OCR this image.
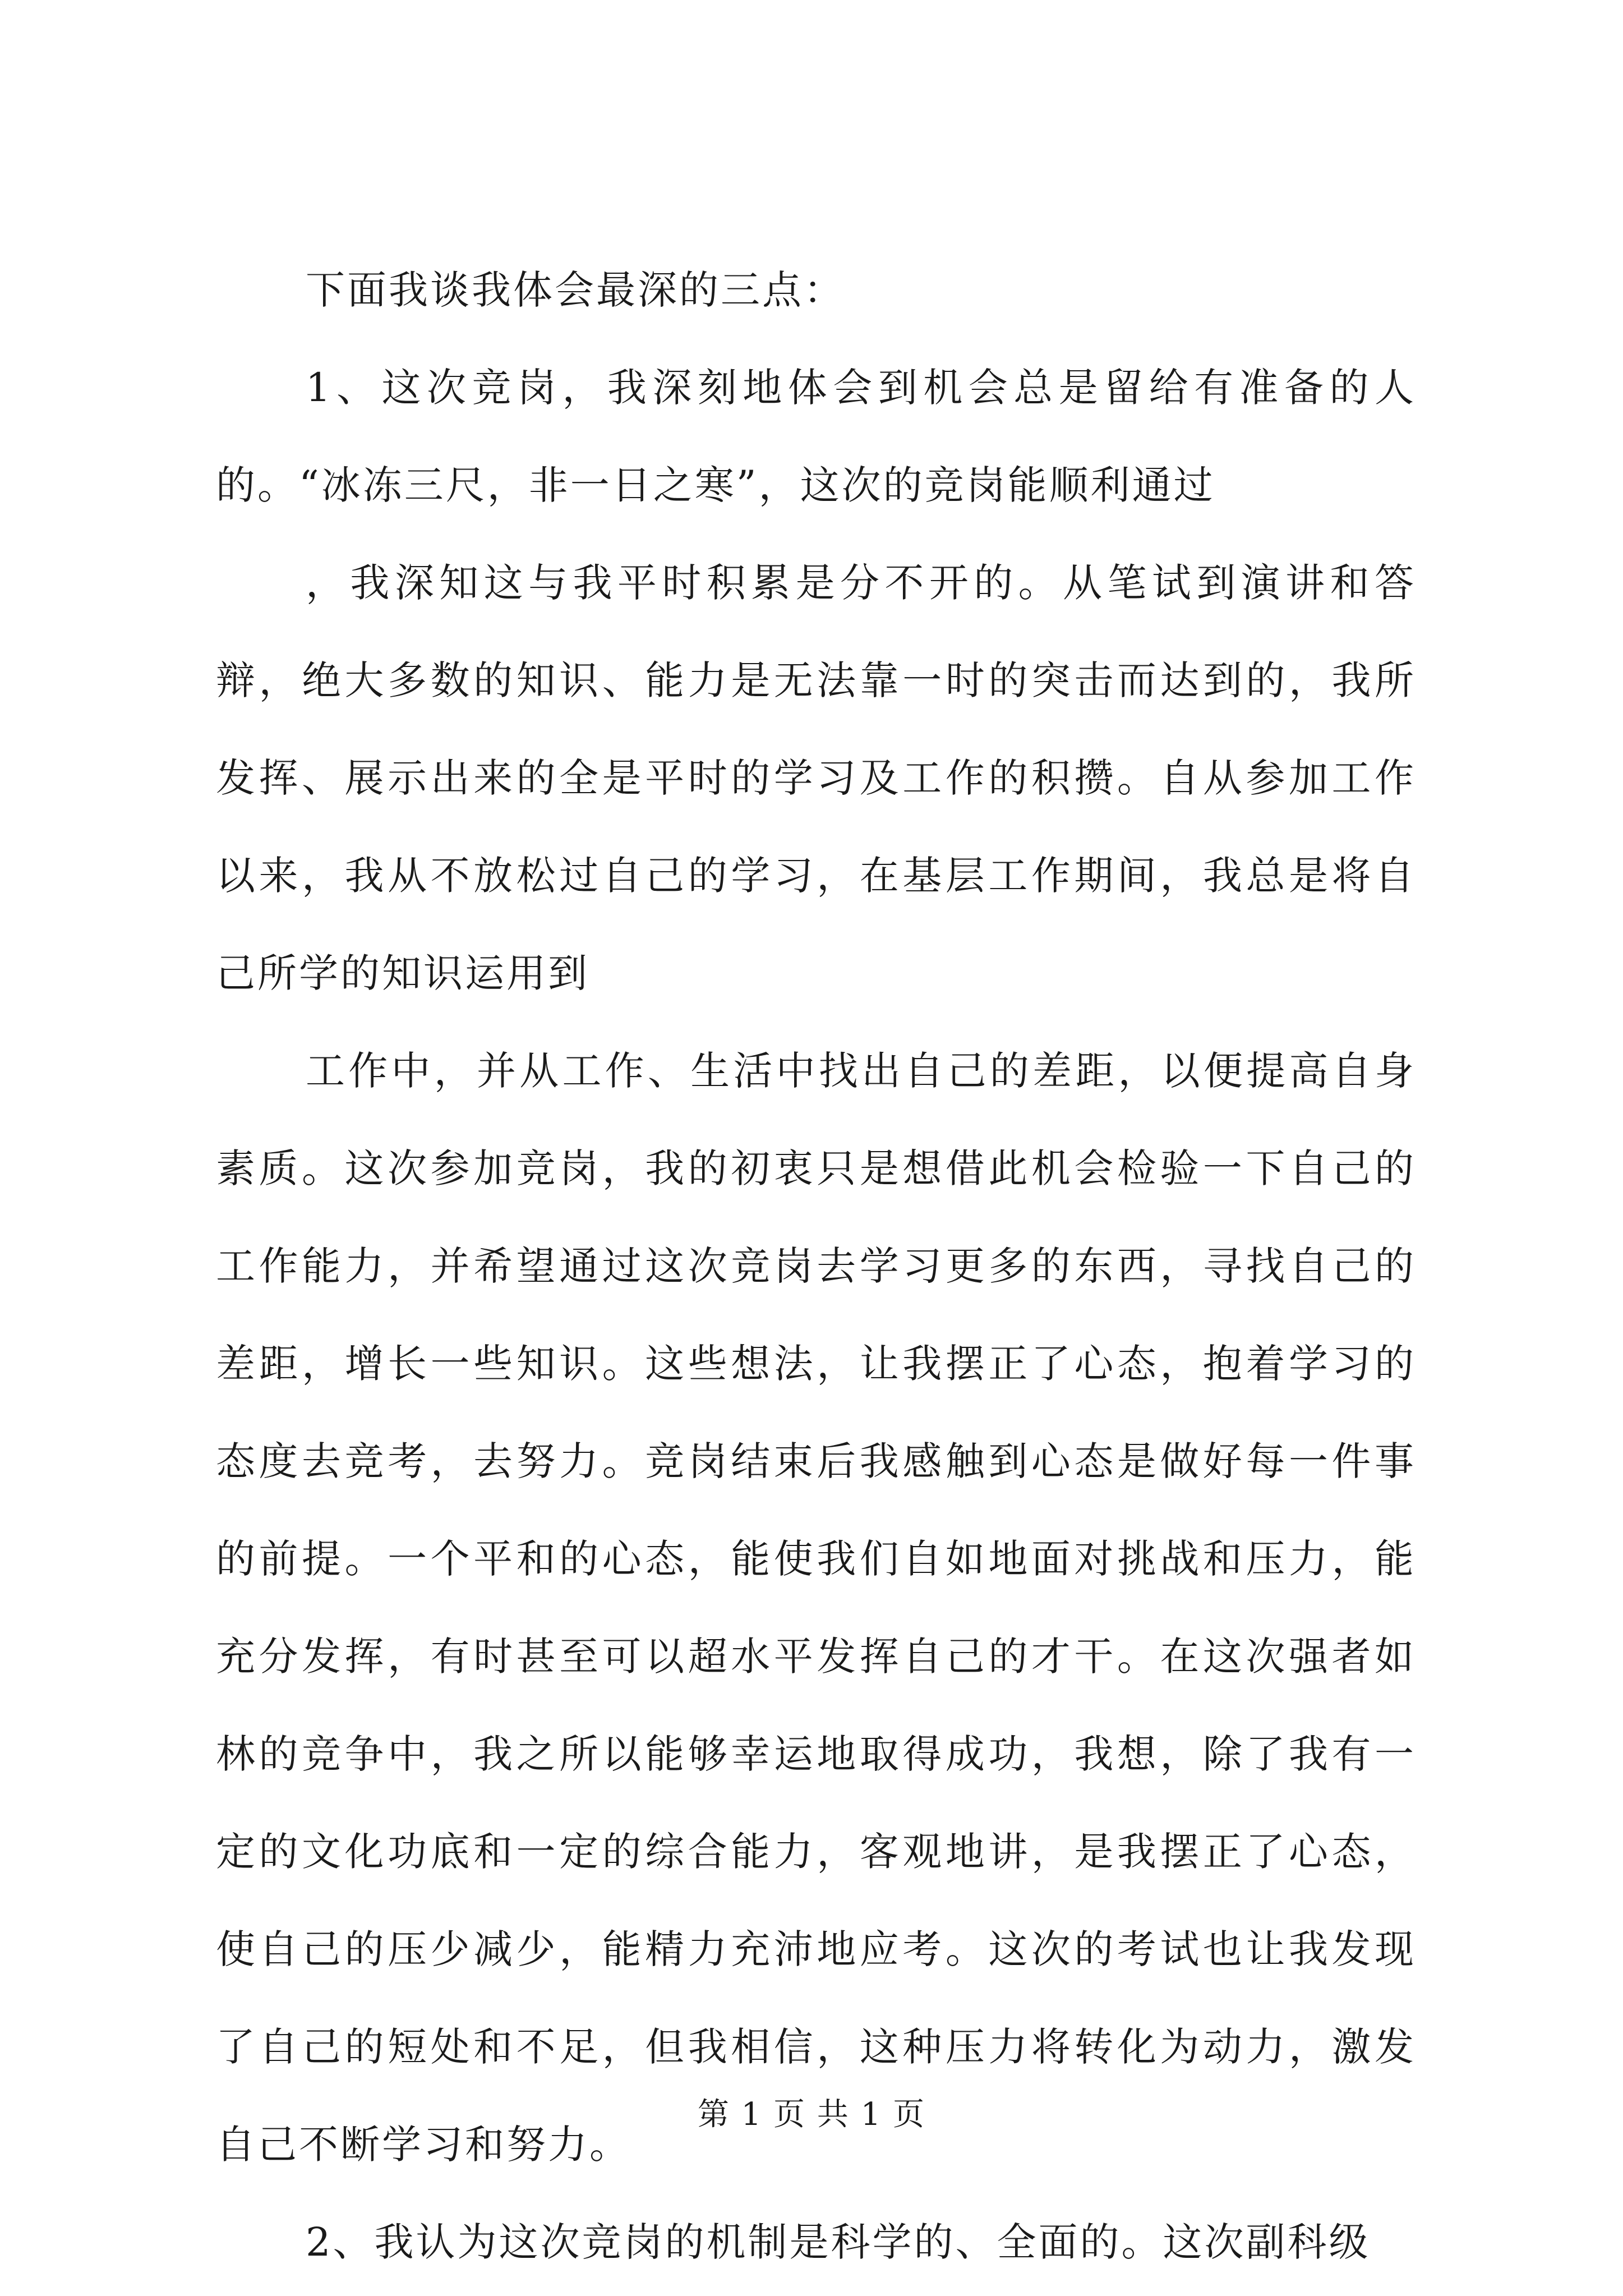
下面我谈我体会最深的三点：

1、这次竞岗，我深刻地体会到机会总是留给有准备的人的。“冰冻三尺，非一日之寒”，这次的竞岗能顺利通过

，我深知这与我平时积累是分不开的。从笔试到演讲和答辩，绝大多数的知识、能力是无法靠一时的突击而达到的，我所发挥、展示出来的全是平时的学习及工作的积攒。自从参加工作以来，我从不放松过自己的学习，在基层工作期间，我总是将自己所学的知识运用到

工作中，并从工作、生活中找出自己的差距，以便提高自身素质。这次参加竞岗，我的初衷只是想借此机会检验一下自己的工作能力，并希望通过这次竞岗去学习更多的东西，寻找自己的差距，增长一些知识。这些想法，让我摆正了心态，抱着学习的态度去竞考，去努力。竞岗结束后我感触到心态是做好每一件事的前提。一个平和的心态，能使我们自如地面对挑战和压力，能充分发挥，有时甚至可以超水平发挥自己的才干。在这次强者如林的竞争中，我之所以能够幸运地取得成功，我想，除了我有一定的文化功底和一定的综合能力，客观地讲，是我摆正了心态，使自己的压少减少，能精力充沛地应考。这次的考试也让我发现了自己的短处和不足，但我相信，这种压力将转化为动力，激发自己不断学习和努力。

2、我认为这次竞岗的机制是科学的、全面的。这次副科级

第 1 页 共 1 页
